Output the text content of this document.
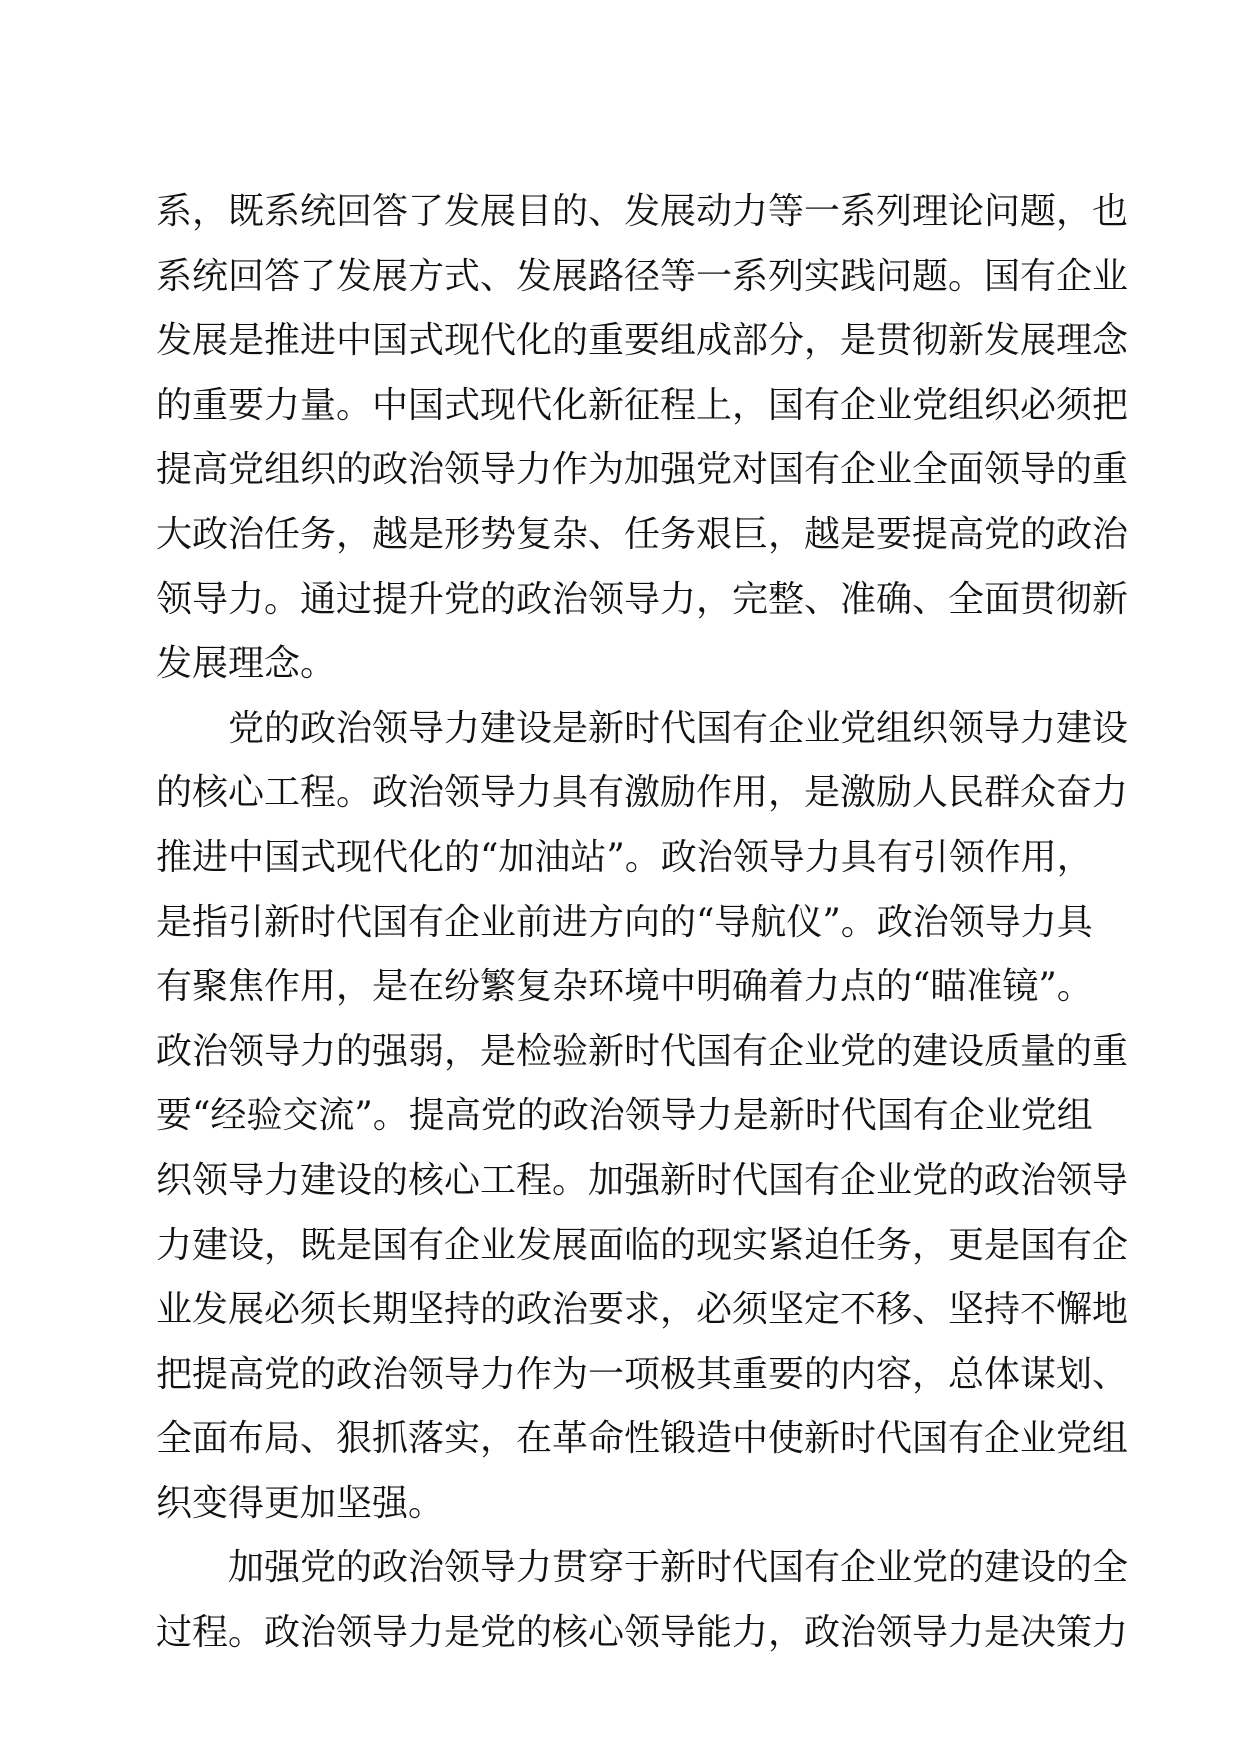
系，既系统回答了发展目的、发展动力等一系列理论问题，也
系统回答了发展方式、发展路径等一系列实践问题。国有企业
发展是推进中国式现代化的重要组成部分，是贯彻新发展理念
的重要力量。中国式现代化新征程上，国有企业党组织必须把
提高党组织的政治领导力作为加强党对国有企业全面领导的重
大政治任务，越是形势复杂、任务艰巨，越是要提高党的政治
领导力。通过提升党的政治领导力，完整、准确、全面贯彻新
发展理念。
　　党的政治领导力建设是新时代国有企业党组织领导力建设
的核心工程。政治领导力具有激励作用，是激励人民群众奋力
推进中国式现代化的“加油站”。政治领导力具有引领作用，
是指引新时代国有企业前进方向的“导航仪”。政治领导力具
有聚焦作用，是在纷繁复杂环境中明确着力点的“瞄准镜”。
政治领导力的强弱，是检验新时代国有企业党的建设质量的重
要“经验交流”。提高党的政治领导力是新时代国有企业党组
织领导力建设的核心工程。加强新时代国有企业党的政治领导
力建设，既是国有企业发展面临的现实紧迫任务，更是国有企
业发展必须长期坚持的政治要求，必须坚定不移、坚持不懈地
把提高党的政治领导力作为一项极其重要的内容，总体谋划、
全面布局、狠抓落实，在革命性锻造中使新时代国有企业党组
织变得更加坚强。
　　加强党的政治领导力贯穿于新时代国有企业党的建设的全
过程。政治领导力是党的核心领导能力，政治领导力是决策力
